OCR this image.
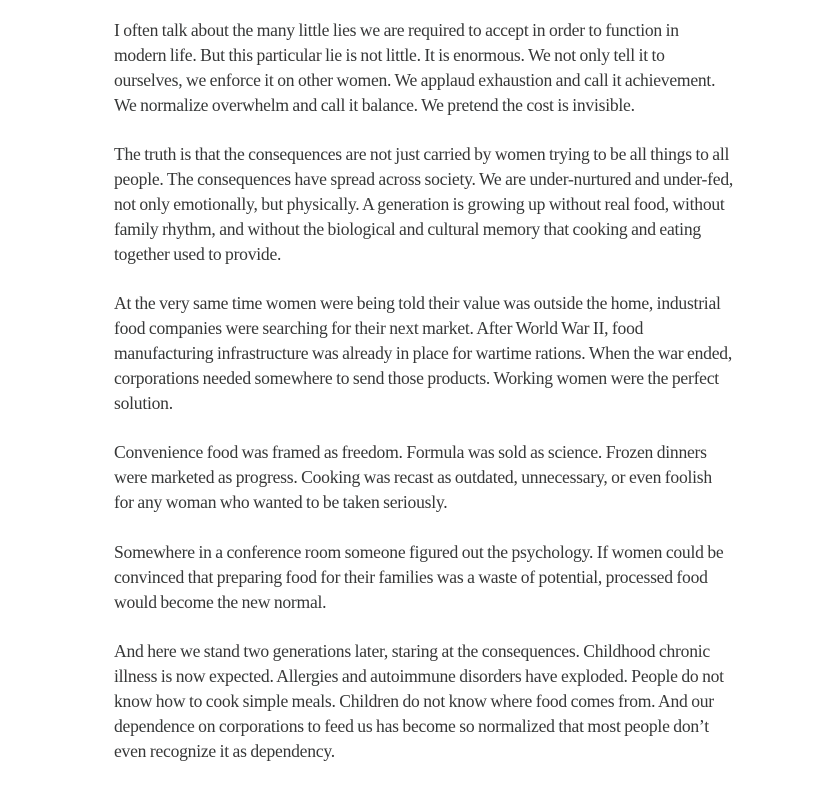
I often talk about the many little lies we are required to accept in order to function in modern life. But this particular lie is not little. It is enormous. We not only tell it to ourselves, we enforce it on other women. We applaud exhaustion and call it achievement. We normalize overwhelm and call it balance. We pretend the cost is invisible.

The truth is that the consequences are not just carried by women trying to be all things to all people. The consequences have spread across society. We are under-nurtured and under-fed, not only emotionally, but physically. A generation is growing up without real food, without family rhythm, and without the biological and cultural memory that cooking and eating together used to provide.

At the very same time women were being told their value was outside the home, industrial food companies were searching for their next market. After World War II, food manufacturing infrastructure was already in place for wartime rations. When the war ended, corporations needed somewhere to send those products. Working women were the perfect solution.

Convenience food was framed as freedom. Formula was sold as science. Frozen dinners were marketed as progress. Cooking was recast as outdated, unnecessary, or even foolish for any woman who wanted to be taken seriously.

Somewhere in a conference room someone figured out the psychology. If women could be convinced that preparing food for their families was a waste of potential, processed food would become the new normal.

And here we stand two generations later, staring at the consequences. Childhood chronic illness is now expected. Allergies and autoimmune disorders have exploded. People do not know how to cook simple meals. Children do not know where food comes from. And our dependence on corporations to feed us has become so normalized that most people don’t even recognize it as dependency.
